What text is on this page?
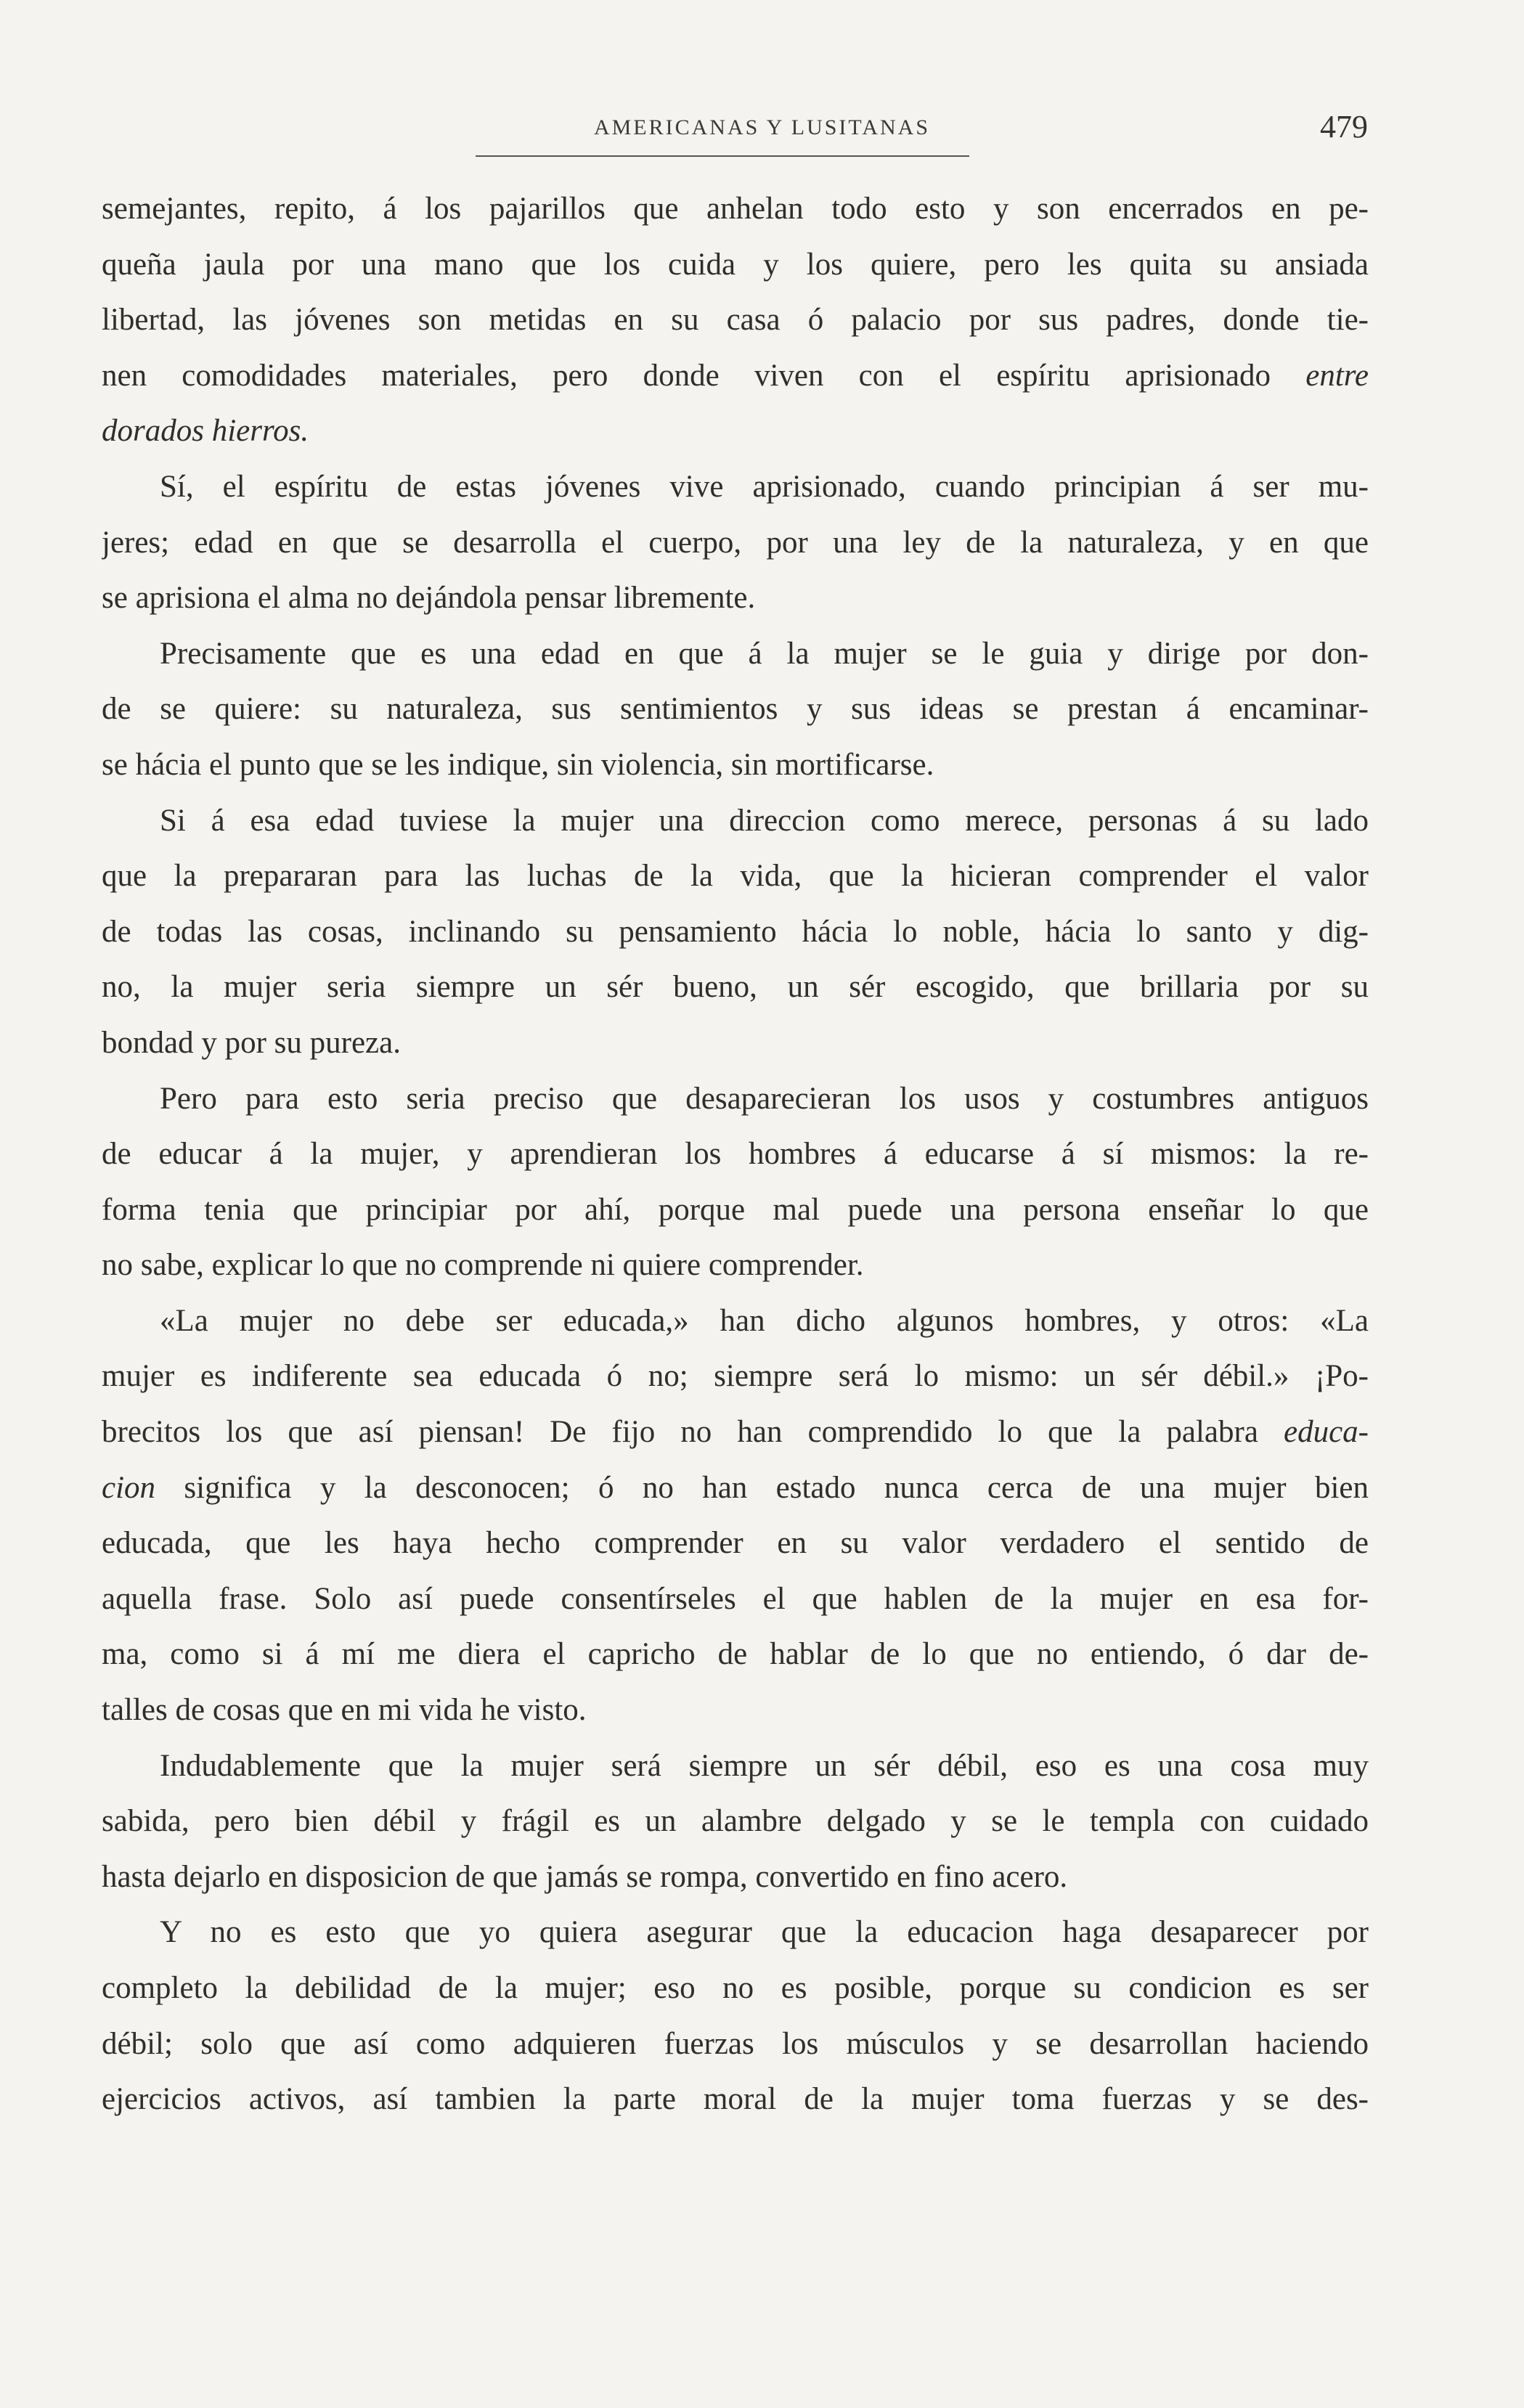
AMERICANAS Y LUSITANAS	479

semejantes, repito, á los pajarillos que anhelan todo esto y son encerrados en pe-
queña jaula por una mano que los cuida y los quiere, pero les quita su ansiada
libertad, las jóvenes son metidas en su casa ó palacio por sus padres, donde tie-
nen comodidades materiales, pero donde viven con el espíritu aprisionado entre
dorados hierros.

Sí, el espíritu de estas jóvenes vive aprisionado, cuando principian á ser mu-
jeres; edad en que se desarrolla el cuerpo, por una ley de la naturaleza, y en que
se aprisiona el alma no dejándola pensar libremente.

Precisamente que es una edad en que á la mujer se le guia y dirige por don-
de se quiere: su naturaleza, sus sentimientos y sus ideas se prestan á encaminar-
se hácia el punto que se les indique, sin violencia, sin mortificarse.

Si á esa edad tuviese la mujer una direccion como merece, personas á su lado
que la prepararan para las luchas de la vida, que la hicieran comprender el valor
de todas las cosas, inclinando su pensamiento hácia lo noble, hácia lo santo y dig-
no, la mujer seria siempre un sér bueno, un sér escogido, que brillaria por su
bondad y por su pureza.

Pero para esto seria preciso que desaparecieran los usos y costumbres antiguos
de educar á la mujer, y aprendieran los hombres á educarse á sí mismos: la re-
forma tenia que principiar por ahí, porque mal puede una persona enseñar lo que
no sabe, explicar lo que no comprende ni quiere comprender.

«La mujer no debe ser educada,» han dicho algunos hombres, y otros: «La
mujer es indiferente sea educada ó no; siempre será lo mismo: un sér débil.» ¡Po-
brecitos los que así piensan! De fijo no han comprendido lo que la palabra educa-
cion significa y la desconocen; ó no han estado nunca cerca de una mujer bien
educada, que les haya hecho comprender en su valor verdadero el sentido de
aquella frase. Solo así puede consentírseles el que hablen de la mujer en esa for-
ma, como si á mí me diera el capricho de hablar de lo que no entiendo, ó dar de-
talles de cosas que en mi vida he visto.

Indudablemente que la mujer será siempre un sér débil, eso es una cosa muy
sabida, pero bien débil y frágil es un alambre delgado y se le templa con cuidado
hasta dejarlo en disposicion de que jamás se rompa, convertido en fino acero.

Y no es esto que yo quiera asegurar que la educacion haga desaparecer por
completo la debilidad de la mujer; eso no es posible, porque su condicion es ser
débil; solo que así como adquieren fuerzas los músculos y se desarrollan haciendo
ejercicios activos, así tambien la parte moral de la mujer toma fuerzas y se des-
